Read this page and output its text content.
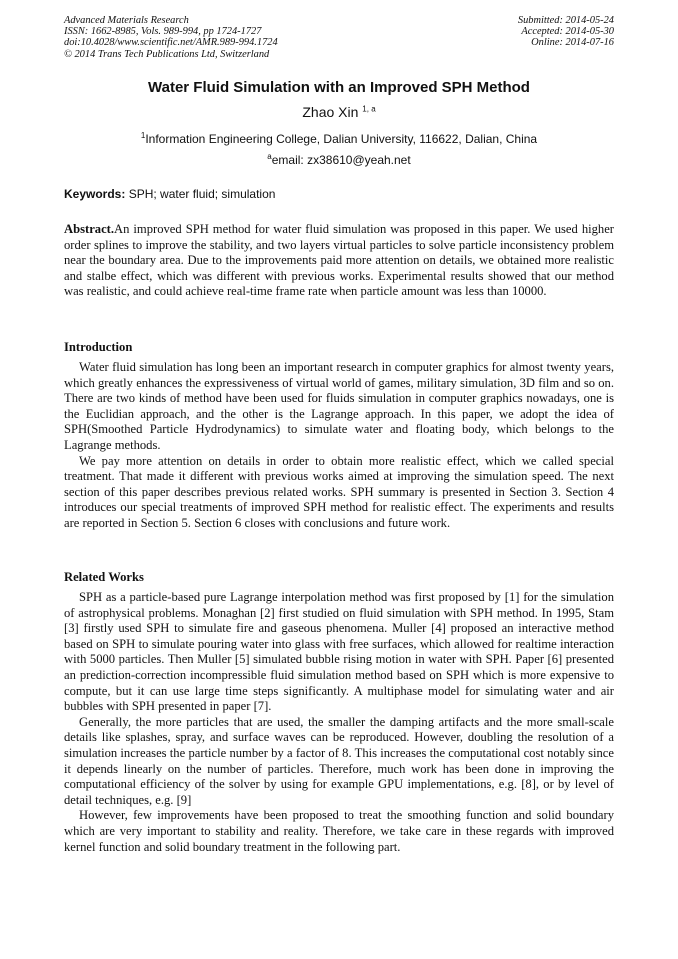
Advanced Materials Research
ISSN: 1662-8985, Vols. 989-994, pp 1724-1727
doi:10.4028/www.scientific.net/AMR.989-994.1724
© 2014 Trans Tech Publications Ltd, Switzerland
Submitted: 2014-05-24
Accepted: 2014-05-30
Online: 2014-07-16
Water Fluid Simulation with an Improved SPH Method
Zhao Xin $^{1, a}$
$^1$Information Engineering College, Dalian University, 116622, Dalian, China
$^a$email: zx38610@yeah.net
Keywords: SPH; water fluid; simulation
Abstract.An improved SPH method for water fluid simulation was proposed in this paper. We used higher order splines to improve the stability, and two layers virtual particles to solve particle inconsistency problem near the boundary area. Due to the improvements paid more attention on details, we obtained more realistic and stalbe effect, which was different with previous works. Experimental results showed that our method was realistic, and could achieve real-time frame rate when particle amount was less than 10000.
Introduction

Water fluid simulation has long been an important research in computer graphics for almost twenty years, which greatly enhances the expressiveness of virtual world of games, military simulation, 3D film and so on. There are two kinds of method have been used for fluids simulation in computer graphics nowadays, one is the Euclidian approach, and the other is the Lagrange approach. In this paper, we adopt the idea of SPH(Smoothed Particle Hydrodynamics) to simulate water and floating body, which belongs to the Lagrange methods.

We pay more attention on details in order to obtain more realistic effect, which we called special treatment. That made it different with previous works aimed at improving the simulation speed. The next section of this paper describes previous related works. SPH summary is presented in Section 3. Section 4 introduces our special treatments of improved SPH method for realistic effect. The experiments and results are reported in Section 5. Section 6 closes with conclusions and future work.

Related Works

SPH as a particle-based pure Lagrange interpolation method was first proposed by [1] for the simulation of astrophysical problems. Monaghan [2] first studied on fluid simulation with SPH method. In 1995, Stam [3] firstly used SPH to simulate fire and gaseous phenomena. Muller [4] proposed an interactive method based on SPH to simulate pouring water into glass with free surfaces, which allowed for realtime interaction with 5000 particles. Then Muller [5] simulated bubble rising motion in water with SPH. Paper [6] presented an prediction-correction incompressible fluid simulation method based on SPH which is more expensive to compute, but it can use large time steps significantly. A multiphase model for simulating water and air bubbles with SPH presented in paper [7].

Generally, the more particles that are used, the smaller the damping artifacts and the more small-scale details like splashes, spray, and surface waves can be reproduced. However, doubling the resolution of a simulation increases the particle number by a factor of 8. This increases the computational cost notably since it depends linearly on the number of particles. Therefore, much work has been done in improving the computational efficiency of the solver by using for example GPU implementations, e.g. [8], or by level of detail techniques, e.g. [9]

However, few improvements have been proposed to treat the smoothing function and solid boundary which are very important to stability and reality. Therefore, we take care in these regards with improved kernel function and solid boundary treatment in the following part.
